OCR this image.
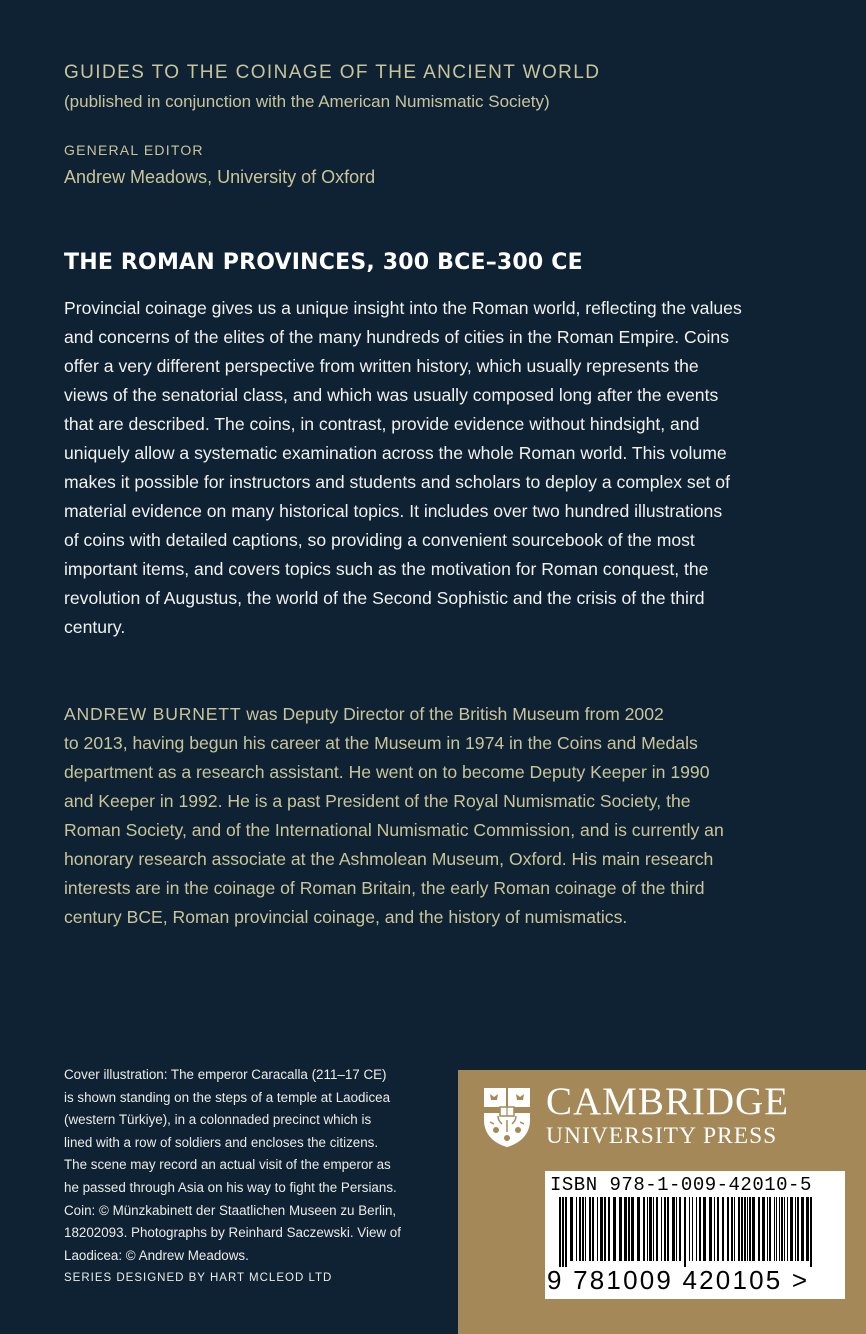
GUIDES TO THE COINAGE OF THE ANCIENT WORLD
(published in conjunction with the American Numismatic Society)
GENERAL EDITOR
Andrew Meadows, University of Oxford
THE ROMAN PROVINCES, 300 BCE–300 CE
Provincial coinage gives us a unique insight into the Roman world, reflecting the values
and concerns of the elites of the many hundreds of cities in the Roman Empire. Coins
offer a very different perspective from written history, which usually represents the
views of the senatorial class, and which was usually composed long after the events
that are described. The coins, in contrast, provide evidence without hindsight, and
uniquely allow a systematic examination across the whole Roman world. This volume
makes it possible for instructors and students and scholars to deploy a complex set of
material evidence on many historical topics. It includes over two hundred illustrations
of coins with detailed captions, so providing a convenient sourcebook of the most
important items, and covers topics such as the motivation for Roman conquest, the
revolution of Augustus, the world of the Second Sophistic and the crisis of the third
century.
ANDREW BURNETT was Deputy Director of the British Museum from 2002
to 2013, having begun his career at the Museum in 1974 in the Coins and Medals
department as a research assistant. He went on to become Deputy Keeper in 1990
and Keeper in 1992. He is a past President of the Royal Numismatic Society, the
Roman Society, and of the International Numismatic Commission, and is currently an
honorary research associate at the Ashmolean Museum, Oxford. His main research
interests are in the coinage of Roman Britain, the early Roman coinage of the third
century BCE, Roman provincial coinage, and the history of numismatics.
Cover illustration: The emperor Caracalla (211–17 CE)
is shown standing on the steps of a temple at Laodicea
(western Türkiye), in a colonnaded precinct which is
lined with a row of soldiers and encloses the citizens.
The scene may record an actual visit of the emperor as
he passed through Asia on his way to fight the Persians.
Coin: © Münzkabinett der Staatlichen Museen zu Berlin,
18202093. Photographs by Reinhard Saczewski. View of
Laodicea: © Andrew Meadows.
SERIES DESIGNED BY HART MCLEOD LTD
CAMBRIDGE
UNIVERSITY PRESS
ISBN 978-1-009-42010-5
9 781009 420105 >
